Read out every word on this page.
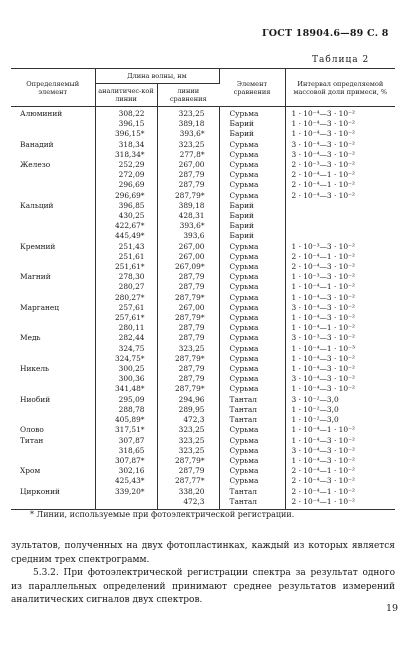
ГОСТ 18904.6—89 С. 8
Таблица 2
Определяемый элемент	Длина волны, нм		Элемент сравнения	Интервал определяемой массовой доли примеси, %
	аналитичес-кой линии	линии сравнения		
Алюминий	308,22	323,25	Сурьма	1 · 10⁻⁴—3 · 10⁻²
	396,15	389,18	Барий	1 · 10⁻⁴—3 · 10⁻²
	396,15*	393,6*	Барий	1 · 10⁻⁴—3 · 10⁻²
Ванадий	318,34	323,25	Сурьма	3 · 10⁻⁴—3 · 10⁻²
	318,34*	277,8*	Сурьма	3 · 10⁻⁴—3 · 10⁻²
Железо	252,29	267,00	Сурьма	2 · 10⁻³—3 · 10⁻²
	272,09	287,79	Сурьма	2 · 10⁻⁴—1 · 10⁻²
	296,69	287,79	Сурьма	2 · 10⁻⁴—1 · 10⁻²
	296,69*	287,79*	Сурьма	2 · 10⁻⁴—3 · 10⁻²
Кальций	396,85	389,18	Барий	
	430,25	428,31	Барий	
	422,67*	393,6*	Барий	
	445,49*	393,6	Барий	
Кремний	251,43	267,00	Сурьма	1 · 10⁻³—3 · 10⁻²
	251,61	267,00	Сурьма	2 · 10⁻⁴—1 · 10⁻²
	251,61*	267,09*	Сурьма	2 · 10⁻⁴—3 · 10⁻²
Магний	278,30	287,79	Сурьма	1 · 10⁻³—3 · 10⁻²
	280,27	287,79	Сурьма	1 · 10⁻⁴—1 · 10⁻²
	280,27*	287,79*	Сурьма	1 · 10⁻⁴—3 · 10⁻²
Марганец	257,61	267,00	Сурьма	3 · 10⁻⁴—3 · 10⁻²
	257,61*	287,79*	Сурьма	1 · 10⁻⁴—3 · 10⁻²
	280,11	287,79	Сурьма	1 · 10⁻⁴—1 · 10⁻²
Медь	282,44	287,79	Сурьма	3 · 10⁻³—3 · 10⁻²
	324,75	323,25	Сурьма	1 · 10⁻⁴—1 · 10⁻³
	324,75*	287,79*	Сурьма	1 · 10⁻⁴—3 · 10⁻²
Никель	300,25	287,79	Сурьма	1 · 10⁻⁴—3 · 10⁻²
	300,36	287,79	Сурьма	3 · 10⁻⁴—3 · 10⁻²
	341,48*	287,79*	Сурьма	1 · 10⁻⁴—3 · 10⁻²
Ниобий	295,09	294,96	Тантал	3 · 10⁻²—3,0
	288,78	289,95	Тантал	1 · 10⁻²—3,0
	405,89*	472,3	Тантал	1 · 10⁻²—3,0
Олово	317,51*	323,25	Сурьма	1 · 10⁻⁴—1 · 10⁻²
Титан	307,87	323,25	Сурьма	1 · 10⁻⁴—3 · 10⁻²
	318,65	323,25	Сурьма	3 · 10⁻⁴—3 · 10⁻²
	307,87*	287,79*	Сурьма	1 · 10⁻⁴—3 · 10⁻²
Хром	302,16	287,79	Сурьма	2 · 10⁻⁴—1 · 10⁻²
	425,43*	287,77*	Сурьма	2 · 10⁻⁴—3 · 10⁻²
Цирконий	339,20*	338,20	Тантал	2 · 10⁻⁴—1 · 10⁻²
		472,3	Тантал	2 · 10⁻⁴—1 · 10⁻²
* Линии, используемые при фотоэлектрической регистрации.

зультатов, полученных на двух фотопластинках, каждый из которых является средним трех спектрограмм.

5.3.2. При фотоэлектрической регистрации спектра за результат одного из параллельных определений принимают среднее результатов измерений аналитических сигналов двух спектров.

19
